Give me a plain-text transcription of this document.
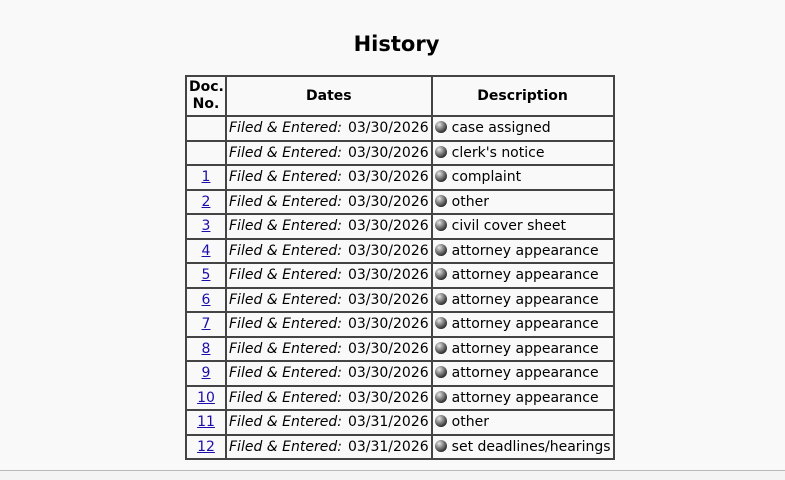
History
Doc. No.	Dates	Description
	Filed & Entered: 03/30/2026	case assigned
	Filed & Entered: 03/30/2026	clerk's notice
1	Filed & Entered: 03/30/2026	complaint
2	Filed & Entered: 03/30/2026	other
3	Filed & Entered: 03/30/2026	civil cover sheet
4	Filed & Entered: 03/30/2026	attorney appearance
5	Filed & Entered: 03/30/2026	attorney appearance
6	Filed & Entered: 03/30/2026	attorney appearance
7	Filed & Entered: 03/30/2026	attorney appearance
8	Filed & Entered: 03/30/2026	attorney appearance
9	Filed & Entered: 03/30/2026	attorney appearance
10	Filed & Entered: 03/30/2026	attorney appearance
11	Filed & Entered: 03/31/2026	other
12	Filed & Entered: 03/31/2026	set deadlines/hearings
